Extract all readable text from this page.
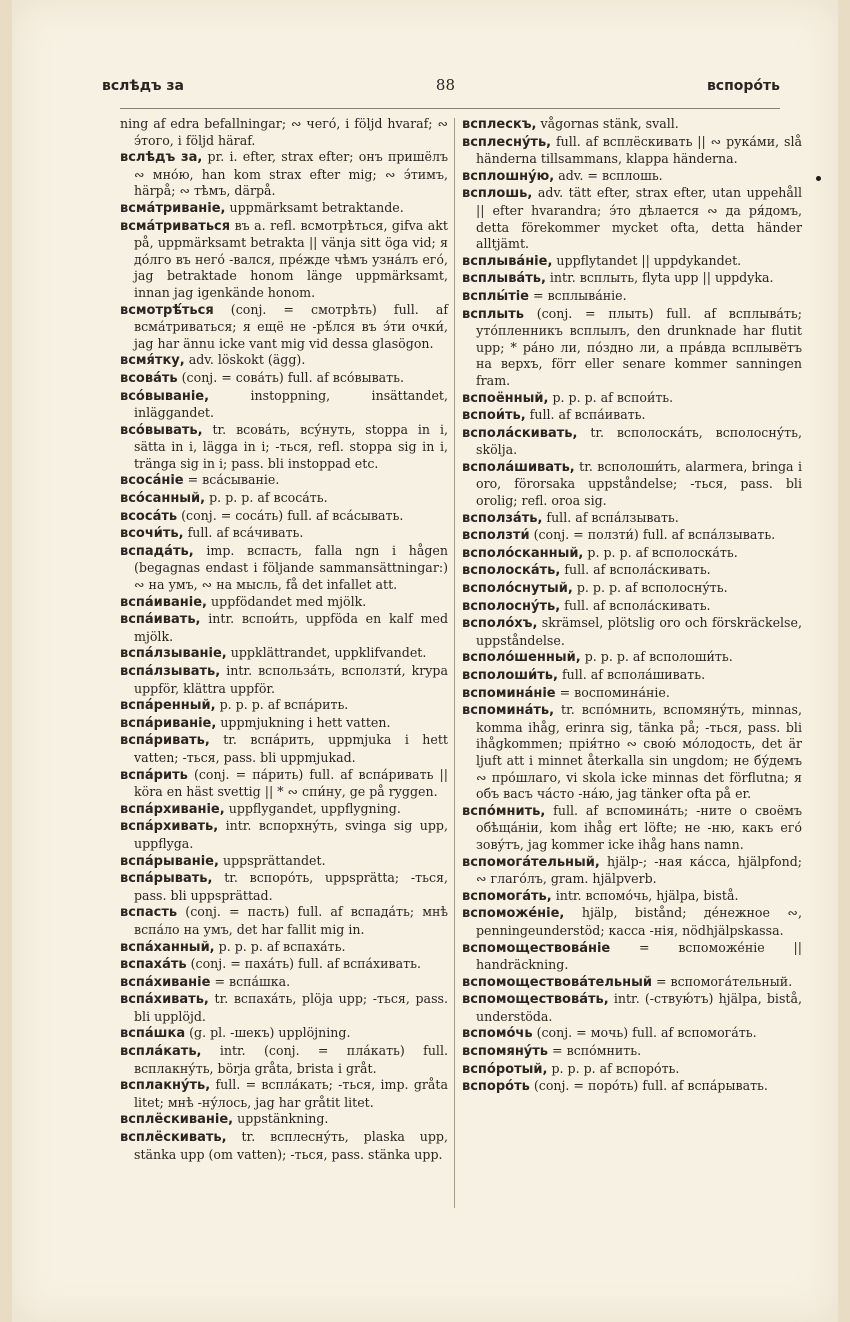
вслѣдъ за	88	вспоро́ть

ning af edra befallningar; ∾ чего́, i följd hvaraf; ∾ э́того, i följd häraf.

вслѣдъ за, pr. i. efter, strax efter; онъ пришёлъ ∾ мно́ю, han kom strax efter mig; ∾ э́тимъ, härpå; ∾ тѣмъ, därpå.

всма́триваніе, uppmärksamt betraktande.

всма́триваться въ a. refl. всмотрѣться, gifva akt på, uppmärksamt betrakta || vänja sitt öga vid; я до́лго въ него́ -вался, пре́жде чѣмъ узна́лъ его́, jag betraktade honom länge uppmärksamt, innan jag igenkände honom.

всмотрѣ́ться (conj. = смотрѣть) full. af всма́триваться; я ещё не -рѣ́лся въ э́ти очки́, jag har ännu icke vant mig vid dessa glasögon.

всмя́тку, adv. löskokt (ägg).

всова́ть (conj. = сова́ть) full. af всо́вывать.

всо́вываніе,	instoppning, insättandet, inläggandet.

всо́вывать, tr. всова́ть, всу́нуть, stoppa in i, sätta in i, lägga in i; -ться, refl. stoppa sig in i, tränga sig in i; pass. bli instoppad etc.

всоса́ніе = вса́сываніе.

всо́санный, p. p. p. af всоса́ть.

всоса́ть (conj. = соса́ть) full. af вса́сывать.

всочи́ть, full. af вса́чивать.

вспада́ть, imp. вспасть, falla ngn i hågen (begagnas endast i följande sammansättningar:) ∾ на умъ, ∾ на мысль, få det infallet att.

вспа́иваніе, uppfödandet med mjölk.

вспа́ивать, intr. вспои́ть, uppföda en kalf med mjölk.

вспа́лзываніе, uppklättrandet, uppklifvandet.

вспа́лзывать, intr. вспольза́ть, всползти́, krypa uppför, klättra uppför.

вспа́ренный, p. p. p. af вспа́рить.

вспа́риваніе, uppmjukning i hett vatten.

вспа́ривать, tr. вспа́рить, uppmjuka i hett vatten; -ться, pass. bli uppmjukad.

вспа́рить (conj. = па́рить) full. af вспа́ривать || köra en häst svettig || * ∾ спи́ну, ge på ryggen.

вспа́рхиваніе, uppflygandet, uppflygning.

вспа́рхивать, intr. вспорхну́ть, svinga sig upp, uppflyga.

вспа́рываніе, uppsprättandet.

вспа́рывать, tr. вспоро́ть, uppsprätta; -ться, pass. bli uppsprättad.

вспасть (conj. = пасть) full. af вспада́ть; мнѣ вспа́ло на умъ, det har fallit mig in.

вспа́ханный, p. p. p. af вспаха́ть.

вспаха́ть (conj. = паха́ть) full. af вспа́хивать.

вспа́хиваніе = вспа́шка.

вспа́хивать, tr. вспаха́ть, plöja upp; -ться, pass. bli upplöjd.

вспа́шка (g. pl. -шекъ) upplöjning.

вспла́кать, intr. (conj. = пла́кать) full. всплакну́ть, börja gråta, brista i gråt.

всплакну́ть, full. = вспла́кать; -ться, imp. gråta litet; мнѣ -ну́лось, jag har gråtit litet.

всплёскиваніе, uppstänkning.

всплёскивать, tr. всплесну́ть, plaska upp, stänka upp (om vatten); -ться, pass. stänka upp.

всплескъ, vågornas stänk, svall.

всплесну́ть, full. af всплёскивать || ∾ рука́ми, slå händerna tillsammans, klappa händerna.

всплошну́ю, adv. = всплошь.

всплошь, adv. tätt efter, strax efter, utan uppehåll || efter hvarandra; э́то дѣлается ∾ да ря́домъ, detta förekommer mycket ofta, detta händer alltjämt.

всплыва́ніе, uppflytandet || uppdykandet.

всплыва́ть, intr. всплыть, flyta upp || uppdyka.

всплы́тіе = всплыва́ніе.

всплыть (conj. = плыть) full. af всплыва́ть; уто́пленникъ всплылъ, den drunknade har flutit upp; * ра́но ли, по́здно ли, а пра́вда всплывётъ на верхъ, förr eller senare kommer sanningen fram.

вспоённый, p. p. p. af вспои́ть.

вспои́ть, full. af вспа́ивать.

вспола́скивать, tr. всполоска́ть, всполосну́ть, skölja.

вспола́шивать, tr. всполоши́ть, alarmera, bringa i oro, förorsaka uppståndelse; -ться, pass. bli orolig; refl. oroa sig.

всполза́ть, full. af вспа́лзывать.

всползти́ (conj. = ползти́) full. af вспа́лзывать.

всполо́сканный, p. p. p. af всполоска́ть.

всполоска́ть, full. af вспола́скивать.

всполо́снутый, p. p. p. af всполосну́ть.

всполосну́ть, full. af вспола́скивать.

всполо́хъ, skrämsel, plötslig oro och förskräckelse, uppståndelse.

всполо́шенный, p. p. p. af всполоши́ть.

всполоши́ть, full. af вспола́шивать.

вспомина́ніе = воспомина́ніе.

вспомина́ть, tr. вспо́мнить, вспомяну́ть, minnas, komma ihåg, erinra sig, tänka på; -ться, pass. bli ihågkommen; прія́тно ∾ свою́ мо́лодость, det är ljuft att i minnet återkalla sin ungdom; не бу́демъ ∾ про́шлаго, vi skola icke minnas det förflutna; я объ васъ ча́сто -на́ю, jag tänker ofta på er.

вспо́мнить, full. af вспомина́ть; -ните о своёмъ обѣща́ніи, kom ihåg ert löfte; не -ню, какъ его́ зову́тъ, jag kommer icke ihåg hans namn.

вспомога́тельный, hjälp-; -ная ка́сса, hjälpfond; ∾ глаго́лъ, gram. hjälpverb.

вспомога́ть, intr. вспомо́чь, hjälpa, bistå.

вспоможе́ніе, hjälp, bistånd; де́нежное ∾, penningeunderstöd; касса -нія, nödhjälpskassa.

вспомоществова́ніе = вспоможе́ніе || handräckning.

вспомоществова́тельный = вспомога́тельный.

вспомоществова́ть, intr. (-ствую́тъ) hjälpa, bistå, understöda.

вспомо́чь (conj. = мочь) full. af вспомога́ть.

вспомяну́ть = вспо́мнить.

вспо́ротый, p. p. p. af вспоро́ть.

вспоро́ть (conj. = поро́ть) full. af вспа́рывать.
